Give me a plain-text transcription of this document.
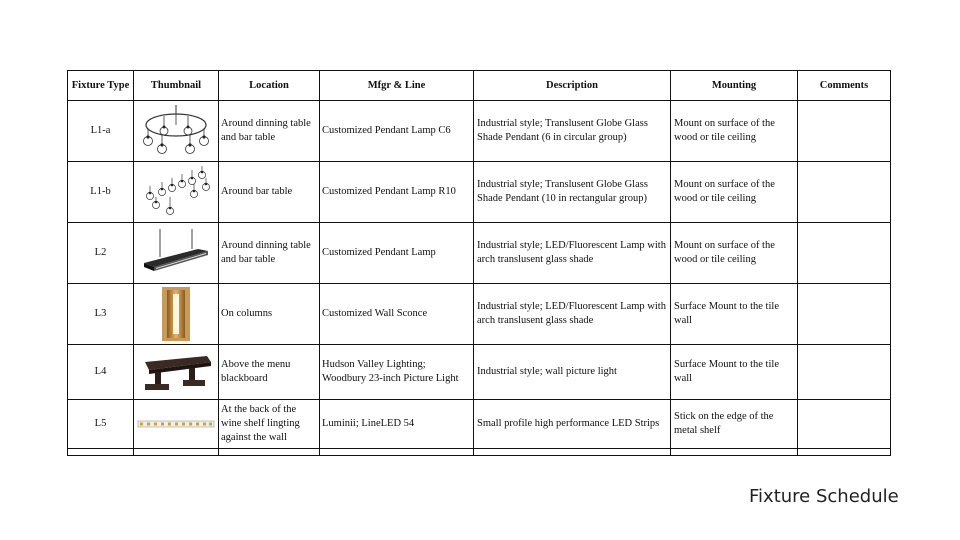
Fixture Type	Thumbnail	Location	Mfgr & Line	Description	Mounting	Comments
L1-a		Around dinning table and bar table	Customized Pendant Lamp C6	Industrial style; Translusent Globe Glass Shade Pendant (6 in circular group)	Mount on surface of the wood or tile ceiling	
L1-b		Around bar table	Customized Pendant Lamp R10	Industrial style; Translusent Globe Glass Shade Pendant (10 in rectangular group)	Mount on surface of the wood or tile ceiling	
L2		Around dinning table and bar table	Customized Pendant Lamp	Industrial style; LED/Fluorescent Lamp with arch translusent glass shade	Mount on surface of the wood or tile ceiling	
L3		On columns	Customized Wall Sconce	Industrial style; LED/Fluorescent Lamp with arch translusent glass shade	Surface Mount to the tile wall	
L4		Above the menu blackboard	Hudson Valley Lighting; Woodbury 23-inch Picture Light	Industrial style; wall picture light	Surface Mount to the tile wall	
L5		At the back of the wine shelf lingting against the wall	Luminii; LineLED 54	Small profile high performance LED Strips	Stick on the edge of the metal shelf	

Fixture Schedule
